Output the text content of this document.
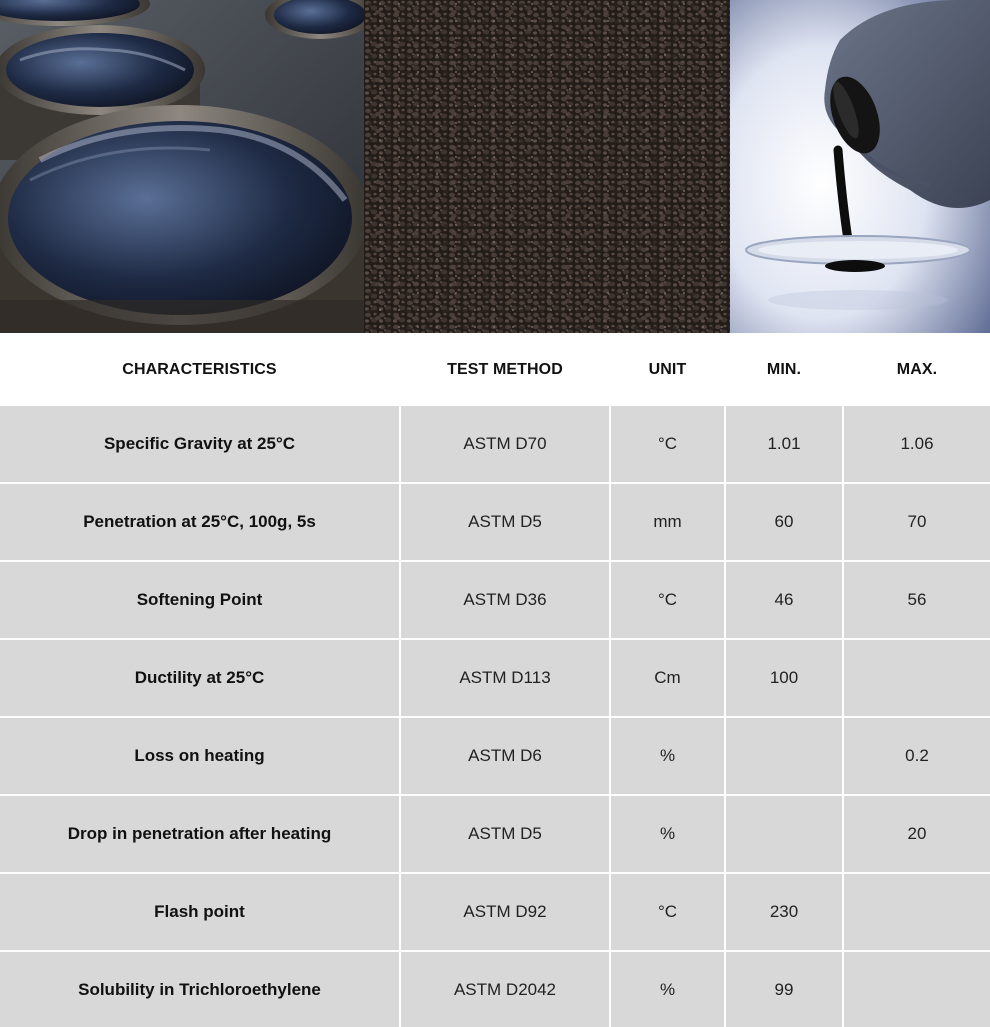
CHARACTERISTICS	TEST METHOD	UNIT	MIN.	MAX.
Specific Gravity at 25°C	ASTM D70	°C	1.01	1.06
Penetration at 25°C, 100g, 5s	ASTM D5	mm	60	70
Softening Point	ASTM D36	°C	46	56
Ductility at 25°C	ASTM D113	Cm	100	
Loss on heating	ASTM D6	%		0.2
Drop in penetration after heating	ASTM D5	%		20
Flash point	ASTM D92	°C	230	
Solubility in Trichloroethylene	ASTM D2042	%	99	
